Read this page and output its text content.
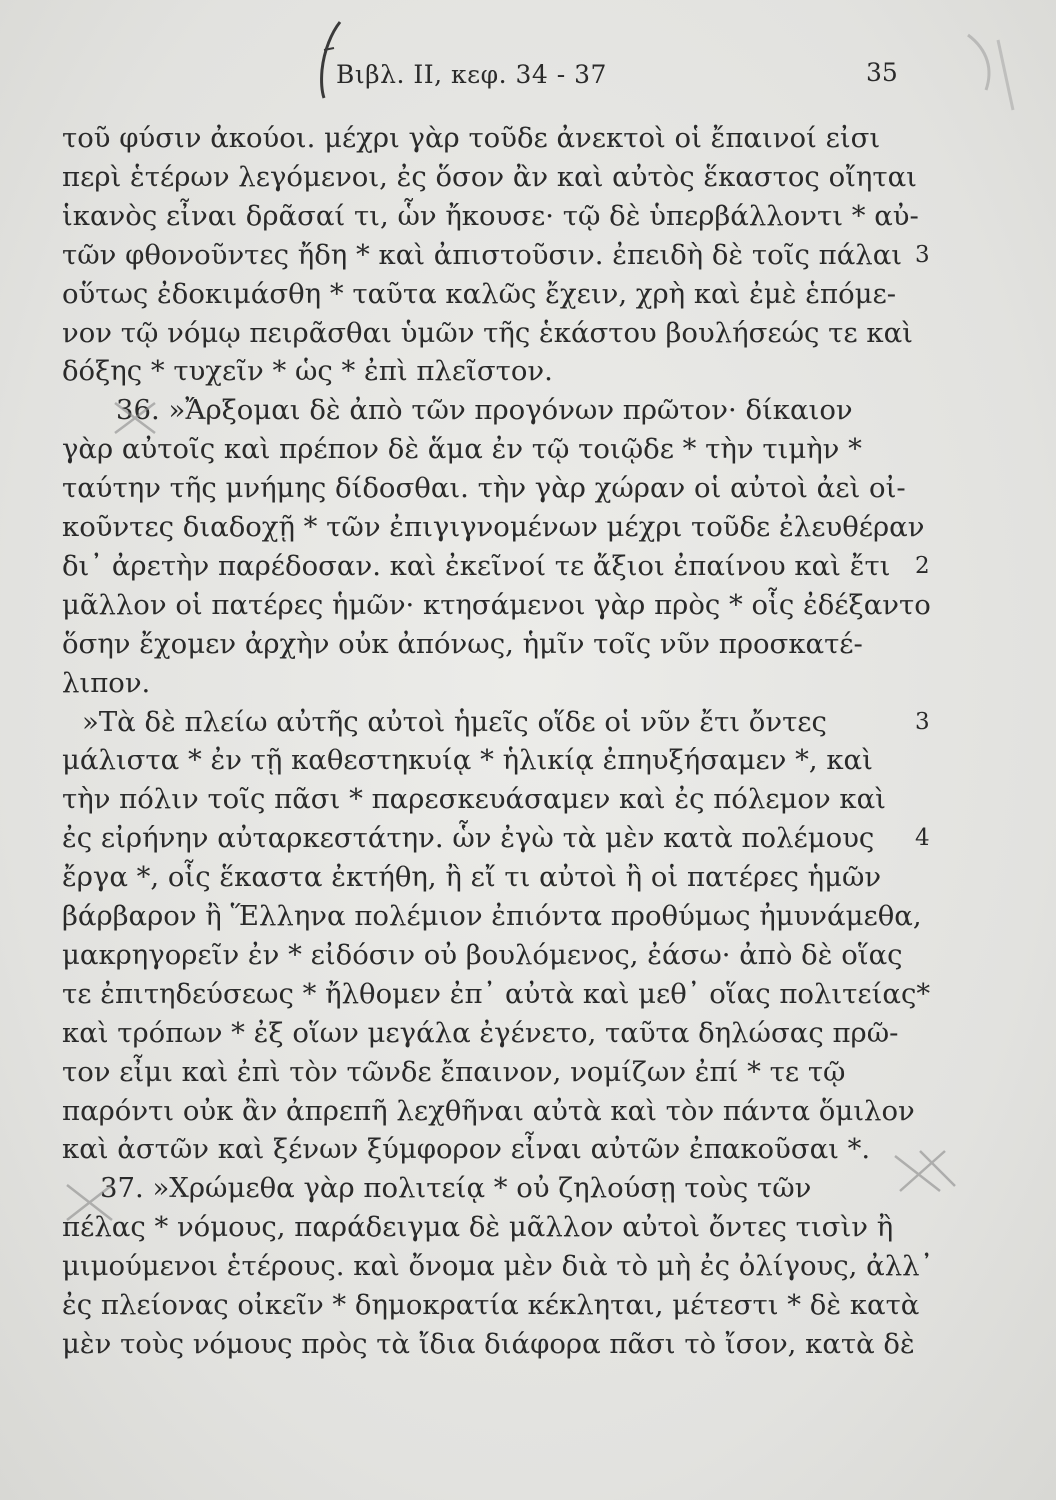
Βιβλ. II, κεφ. 34 - 37	35
τοῦ φύσιν ἀκούοι. μέχρι γὰρ τοῦδε ἀνεκτοὶ οἱ ἔπαινοί εἰσι
περὶ ἑτέρων λεγόμενοι, ἐς ὅσον ἂν καὶ αὐτὸς ἕκαστος οἴηται
ἱκανὸς εἶναι δρᾶσαί τι, ὧν ἤκουσε· τῷ δὲ ὑπερβάλλοντι * αὐ-
τῶν φθονοῦντες ἤδη * καὶ ἀπιστοῦσιν. ἐπειδὴ δὲ τοῖς πάλαι 3
οὕτως ἐδοκιμάσθη * ταῦτα καλῶς ἔχειν, χρὴ καὶ ἐμὲ ἑπόμε-
νον τῷ νόμῳ πειρᾶσθαι ὑμῶν τῆς ἑκάστου βουλήσεώς τε καὶ
δόξης * τυχεῖν * ὡς * ἐπὶ πλεῖστον.
36. »Ἄρξομαι δὲ ἀπὸ τῶν προγόνων πρῶτον· δίκαιον
γὰρ αὐτοῖς καὶ πρέπον δὲ ἅμα ἐν τῷ τοιῷδε * τὴν τιμὴν *
ταύτην τῆς μνήμης δίδοσθαι. τὴν γὰρ χώραν οἱ αὐτοὶ ἀεὶ οἰ-
κοῦντες διαδοχῇ * τῶν ἐπιγιγνομένων μέχρι τοῦδε ἐλευθέραν
δι᾽ ἀρετὴν παρέδοσαν. καὶ ἐκεῖνοί τε ἄξιοι ἐπαίνου καὶ ἔτι 2
μᾶλλον οἱ πατέρες ἡμῶν· κτησάμενοι γὰρ πρὸς * οἷς ἐδέξαντο
ὅσην ἔχομεν ἀρχὴν οὐκ ἀπόνως, ἡμῖν τοῖς νῦν προσκατέ-
λιπον.
»Τὰ δὲ πλείω αὐτῆς αὐτοὶ ἡμεῖς οἵδε οἱ νῦν ἔτι ὄντες	3
μάλιστα * ἐν τῇ καθεστηκυίᾳ * ἡλικίᾳ ἐπηυξήσαμεν *, καὶ
τὴν πόλιν τοῖς πᾶσι * παρεσκευάσαμεν καὶ ἐς πόλεμον καὶ
ἐς εἰρήνην αὐταρκεστάτην. ὧν ἐγὼ τὰ μὲν κατὰ πολέμους 4
ἔργα *, οἷς ἕκαστα ἐκτήθη, ἢ εἴ τι αὐτοὶ ἢ οἱ πατέρες ἡμῶν
βάρβαρον ἢ Ἕλληνα πολέμιον ἐπιόντα προθύμως ἠμυνάμεθα,
μακρηγορεῖν ἐν * εἰδόσιν οὐ βουλόμενος, ἐάσω· ἀπὸ δὲ οἵας
τε ἐπιτηδεύσεως * ἤλθομεν ἐπ᾽ αὐτὰ καὶ μεθ᾽ οἵας πολιτείας*
καὶ τρόπων * ἐξ οἵων μεγάλα ἐγένετο, ταῦτα δηλώσας πρῶ-
τον εἶμι καὶ ἐπὶ τὸν τῶνδε ἔπαινον, νομίζων ἐπί * τε τῷ
παρόντι οὐκ ἂν ἀπρεπῆ λεχθῆναι αὐτὰ καὶ τὸν πάντα ὅμιλον
καὶ ἀστῶν καὶ ξένων ξύμφορον εἶναι αὐτῶν ἐπακοῦσαι *.
37. »Χρώμεθα γὰρ πολιτείᾳ * οὐ ζηλούσῃ τοὺς τῶν
πέλας * νόμους, παράδειγμα δὲ μᾶλλον αὐτοὶ ὄντες τισὶν ἢ
μιμούμενοι ἑτέρους. καὶ ὄνομα μὲν διὰ τὸ μὴ ἐς ὀλίγους, ἀλλ᾽
ἐς πλείονας οἰκεῖν * δημοκρατία κέκληται, μέτεστι * δὲ κατὰ
μὲν τοὺς νόμους πρὸς τὰ ἴδια διάφορα πᾶσι τὸ ἴσον, κατὰ δὲ
